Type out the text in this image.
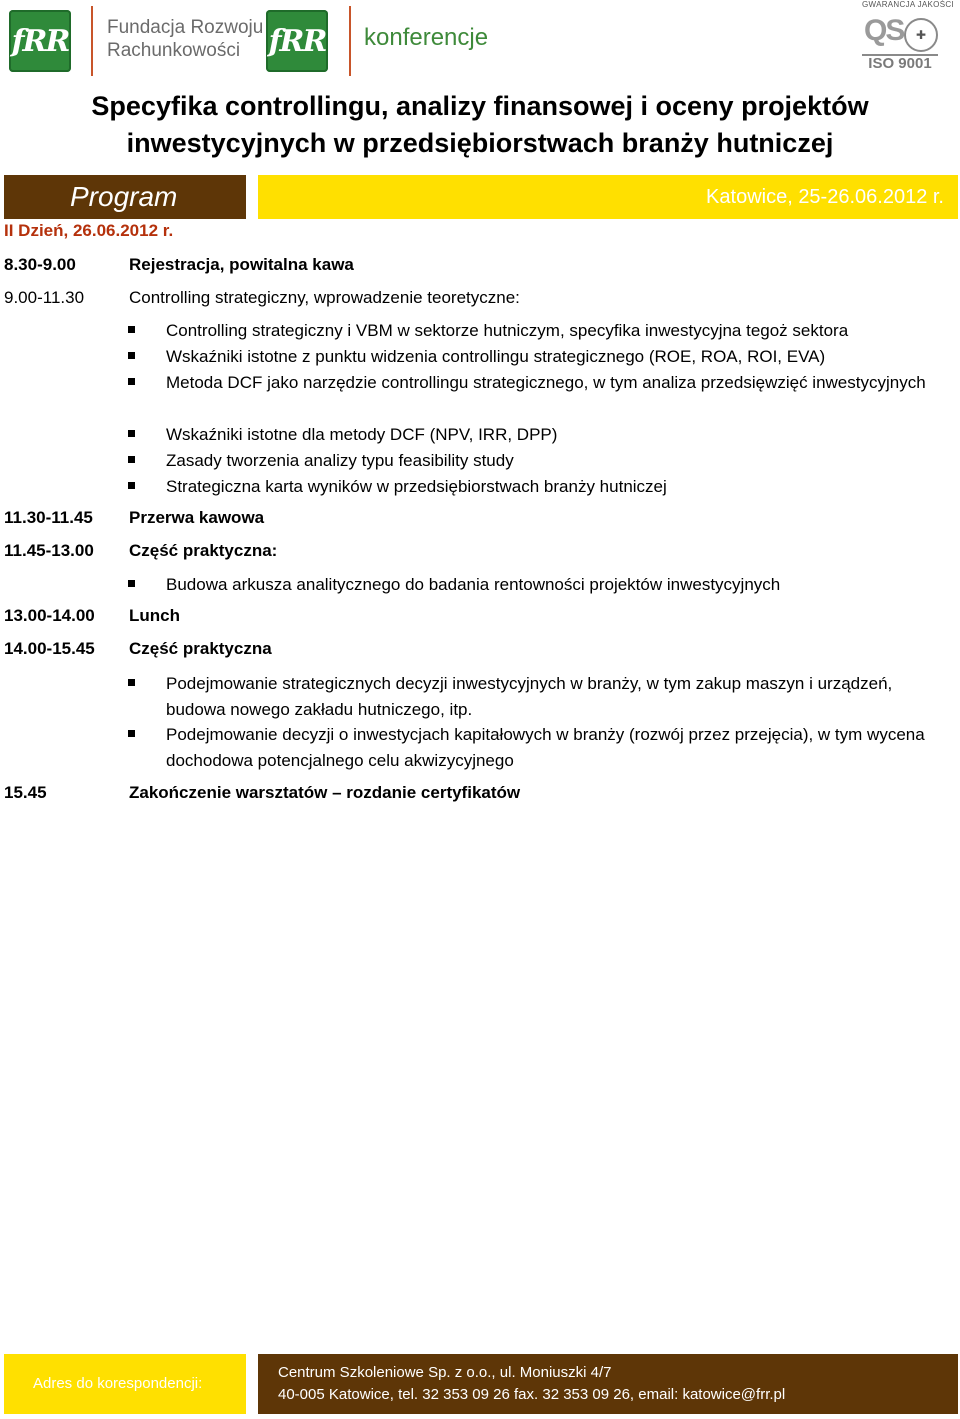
fRR Fundacja Rozwoju
Rachunkowości fRR konferencje
GWARANCJA JAKOŚCI
QS	✚
ISO 9001
Specyfika controllingu, analizy finansowej i oceny projektów
inwestycyjnych w przedsiębiorstwach branży hutniczej
Program	Katowice, 25-26.06.2012 r.
II Dzień, 26.06.2012 r.
8.30-9.00	Rejestracja, powitalna kawa
9.00-11.30	Controlling strategiczny, wprowadzenie teoretyczne:
Controlling strategiczny i VBM w sektorze hutniczym, specyfika inwestycyjna tegoż sektora
Wskaźniki istotne z punktu widzenia controllingu strategicznego (ROE, ROA, ROI, EVA)
Metoda DCF jako narzędzie controllingu strategicznego, w tym analiza przedsięwzięć inwestycyjnych
Wskaźniki istotne dla metody DCF (NPV, IRR, DPP)
Zasady tworzenia analizy typu feasibility study
Strategiczna karta wyników w przedsiębiorstwach branży hutniczej
11.30-11.45 Przerwa kawowa
11.45-13.00 Część praktyczna:
Budowa arkusza analitycznego do badania rentowności projektów inwestycyjnych
13.00-14.00 Lunch
14.00-15.45 Część praktyczna
Podejmowanie strategicznych decyzji inwestycyjnych w branży, w tym zakup maszyn i urządzeń, budowa nowego zakładu hutniczego, itp.
Podejmowanie decyzji o inwestycjach kapitałowych w branży (rozwój przez przejęcia), w tym wycena dochodowa potencjalnego celu akwizycyjnego
15.45	Zakończenie warsztatów – rozdanie certyfikatów
Adres do korespondencji:
Centrum Szkoleniowe Sp. z o.o., ul. Moniuszki 4/7
40-005 Katowice, tel. 32 353 09 26 fax. 32 353 09 26, email: katowice@frr.pl
